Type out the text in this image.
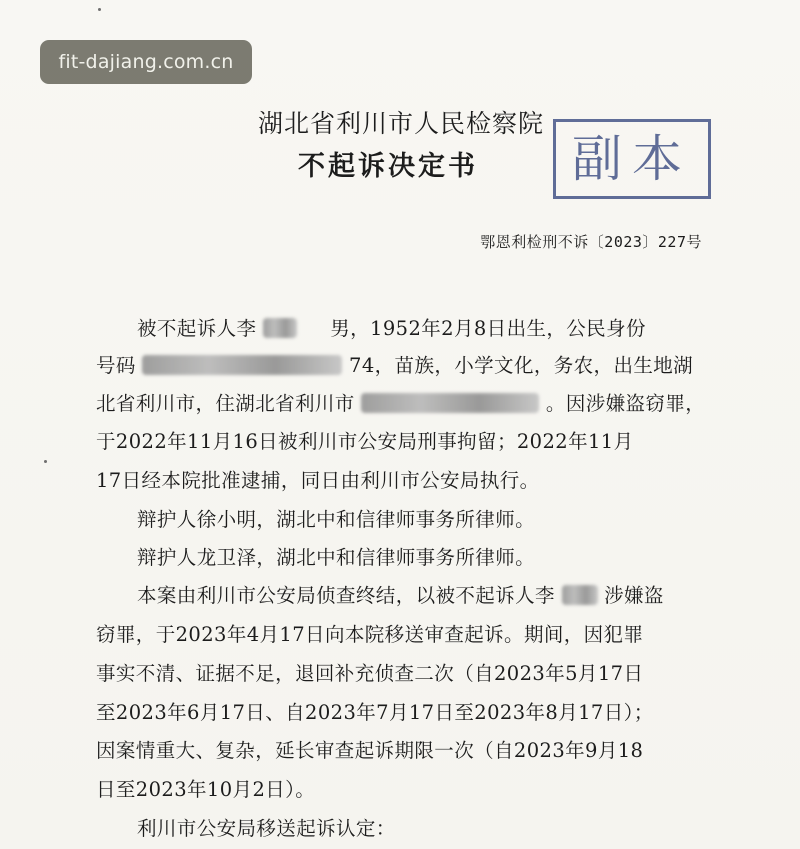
fit-dajiang.com.cn
湖北省利川市人民检察院
不起诉决定书	副本
鄂恩利检刑不诉〔2023〕227号
被不起诉人李	男，1952年2月8日出生，公民身份
号码	74，苗族，小学文化，务农，出生地湖
北省利川市，住湖北省利川市	。因涉嫌盗窃罪，
于2022年11月16日被利川市公安局刑事拘留；2022年11月
17日经本院批准逮捕，同日由利川市公安局执行。
辩护人徐小明，湖北中和信律师事务所律师。
辩护人龙卫泽，湖北中和信律师事务所律师。
本案由利川市公安局侦查终结，以被不起诉人李	涉嫌盗
窃罪，于2023年4月17日向本院移送审查起诉。期间，因犯罪
事实不清、证据不足，退回补充侦查二次（自2023年5月17日
至2023年6月17日、自2023年7月17日至2023年8月17日）；
因案情重大、复杂，延长审查起诉期限一次（自2023年9月18
日至2023年10月2日）。
利川市公安局移送起诉认定：
